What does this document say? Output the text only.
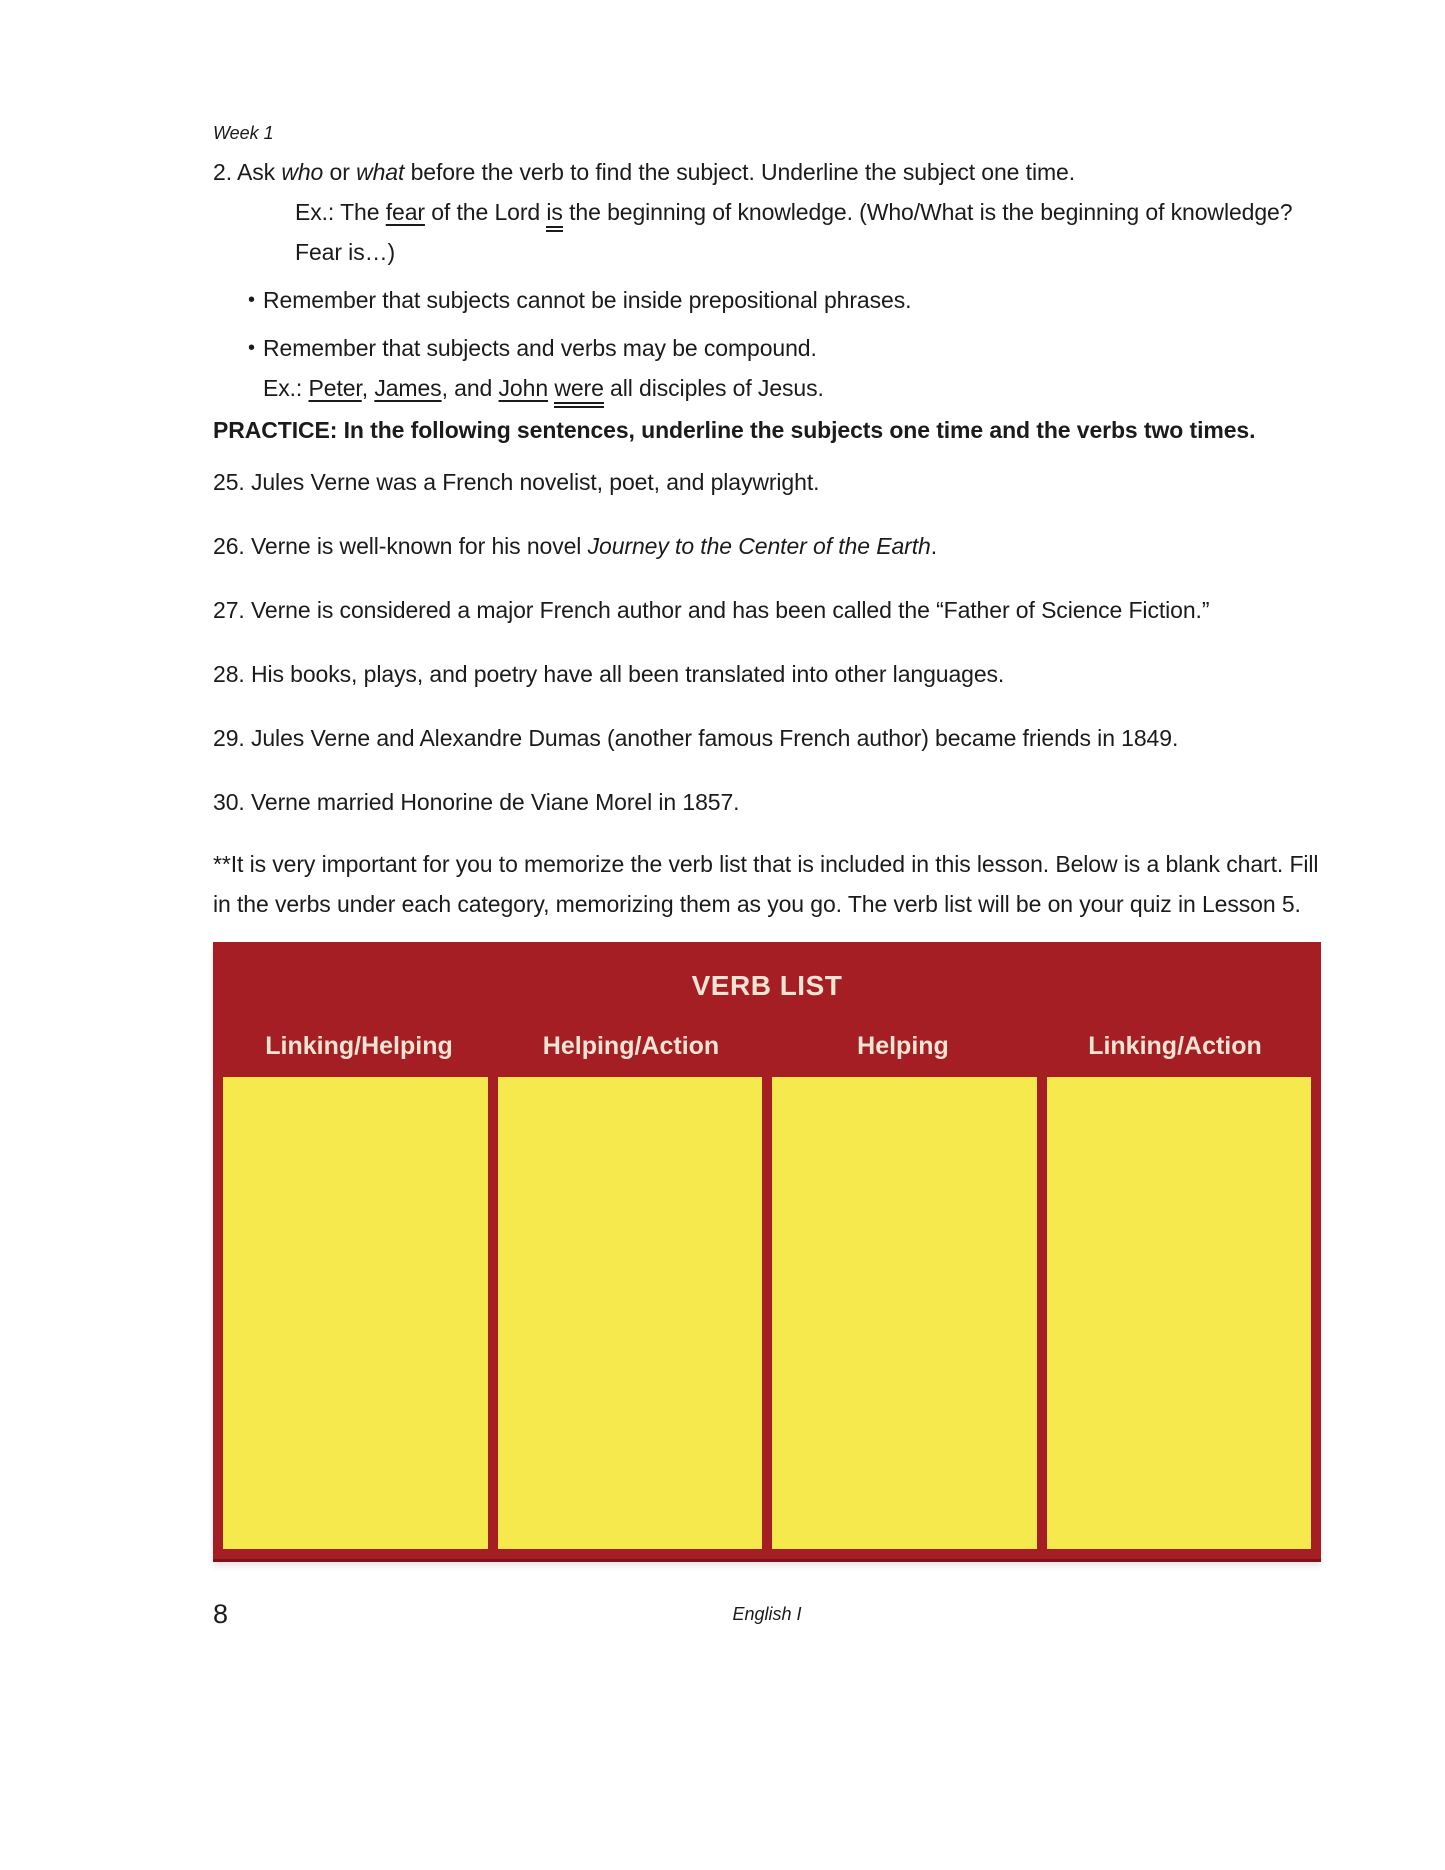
Week 1
2. Ask who or what before the verb to find the subject. Underline the subject one time.
Ex.: The fear of the Lord is the beginning of knowledge. (Who/What is the beginning of knowledge? Fear is…)
• Remember that subjects cannot be inside prepositional phrases.
• Remember that subjects and verbs may be compound.
Ex.: Peter, James, and John were all disciples of Jesus.
PRACTICE: In the following sentences, underline the subjects one time and the verbs two times.
25. Jules Verne was a French novelist, poet, and playwright.
26. Verne is well-known for his novel Journey to the Center of the Earth.
27. Verne is considered a major French author and has been called the “Father of Science Fiction.”
28. His books, plays, and poetry have all been translated into other languages.
29. Jules Verne and Alexandre Dumas (another famous French author) became friends in 1849.
30. Verne married Honorine de Viane Morel in 1857.
**It is very important for you to memorize the verb list that is included in this lesson. Below is a blank chart. Fill in the verbs under each category, memorizing them as you go. The verb list will be on your quiz in Lesson 5.
VERB LIST
Linking/Helping	Helping/Action	Helping	Linking/Action
8	English I
